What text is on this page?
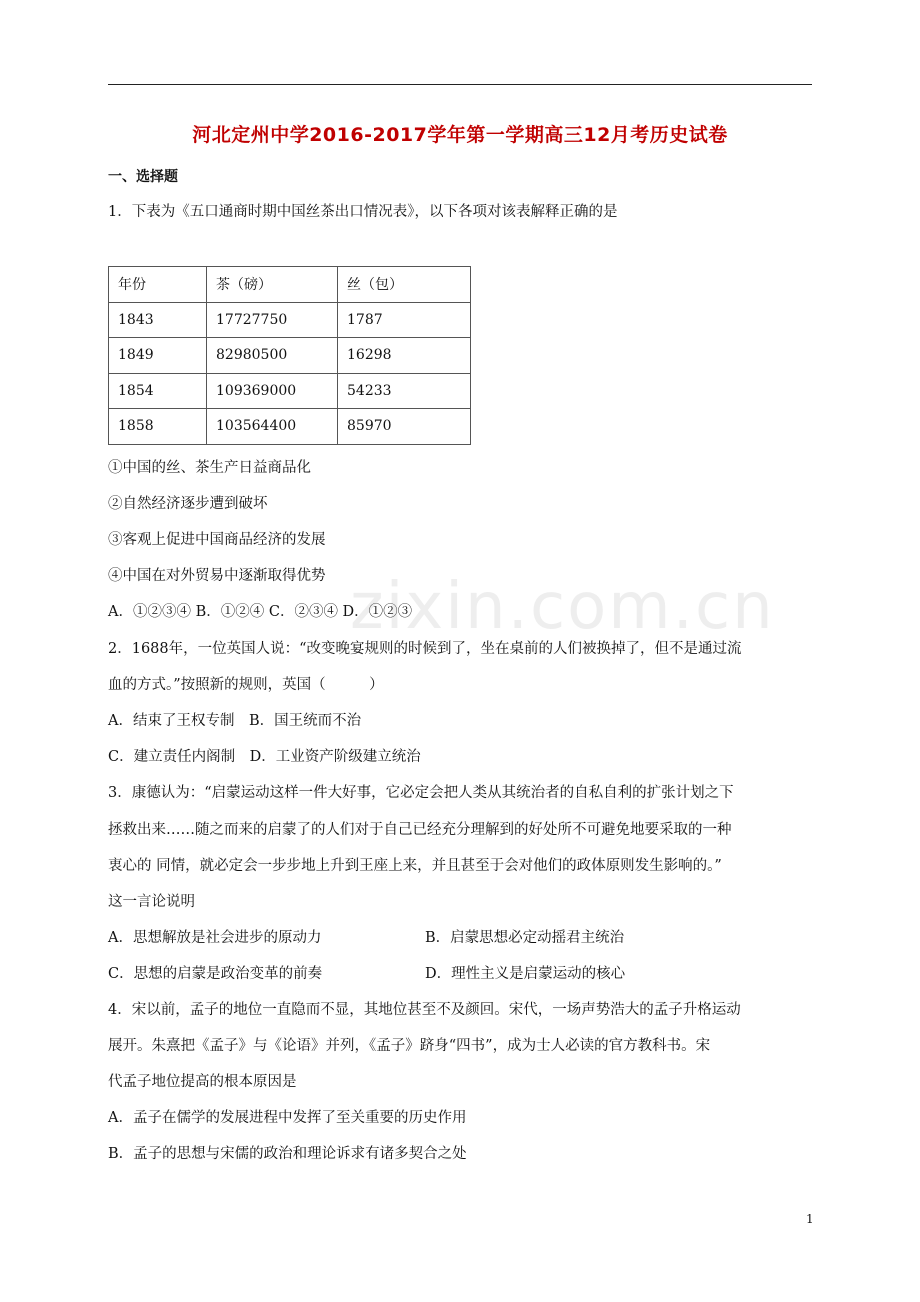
河北定州中学2016-2017学年第一学期高三12月考历史试卷
一、选择题
1．下表为《五口通商时期中国丝茶出口情况表》，以下各项对该表解释正确的是
年份	茶（磅）	丝（包）
1843	17727750	1787
1849	82980500	16298
1854	109369000	54233
1858	103564400	85970
①中国的丝、茶生产日益商品化
②自然经济逐步遭到破坏
③客观上促进中国商品经济的发展
④中国在对外贸易中逐渐取得优势
A．①②③④ B．①②④ C．②③④ D．①②③
2．1688年，一位英国人说：“改变晚宴规则的时候到了，坐在桌前的人们被换掉了，但不是通过流
血的方式。”按照新的规则，英国（　　　）
A．结束了王权专制　B．国王统而不治
C．建立责任内阁制　D．工业资产阶级建立统治
3．康德认为：“启蒙运动这样一件大好事，它必定会把人类从其统治者的自私自利的扩张计划之下
拯救出来……随之而来的启蒙了的人们对于自己已经充分理解到的好处所不可避免地要采取的一种
衷心的 同情，就必定会一步步地上升到王座上来，并且甚至于会对他们的政体原则发生影响的。”
这一言论说明
A．思想解放是社会进步的原动力	B．启蒙思想必定动摇君主统治
C．思想的启蒙是政治变革的前奏	D．理性主义是启蒙运动的核心
4．宋以前，孟子的地位一直隐而不显，其地位甚至不及颜回。宋代，一场声势浩大的孟子升格运动
展开。朱熹把《孟子》与《论语》并列，《孟子》跻身“四书”，成为士人必读的官方教科书。宋
代孟子地位提高的根本原因是
A．孟子在儒学的发展进程中发挥了至关重要的历史作用
B．孟子的思想与宋儒的政治和理论诉求有诸多契合之处
zixin.com.cn
1
